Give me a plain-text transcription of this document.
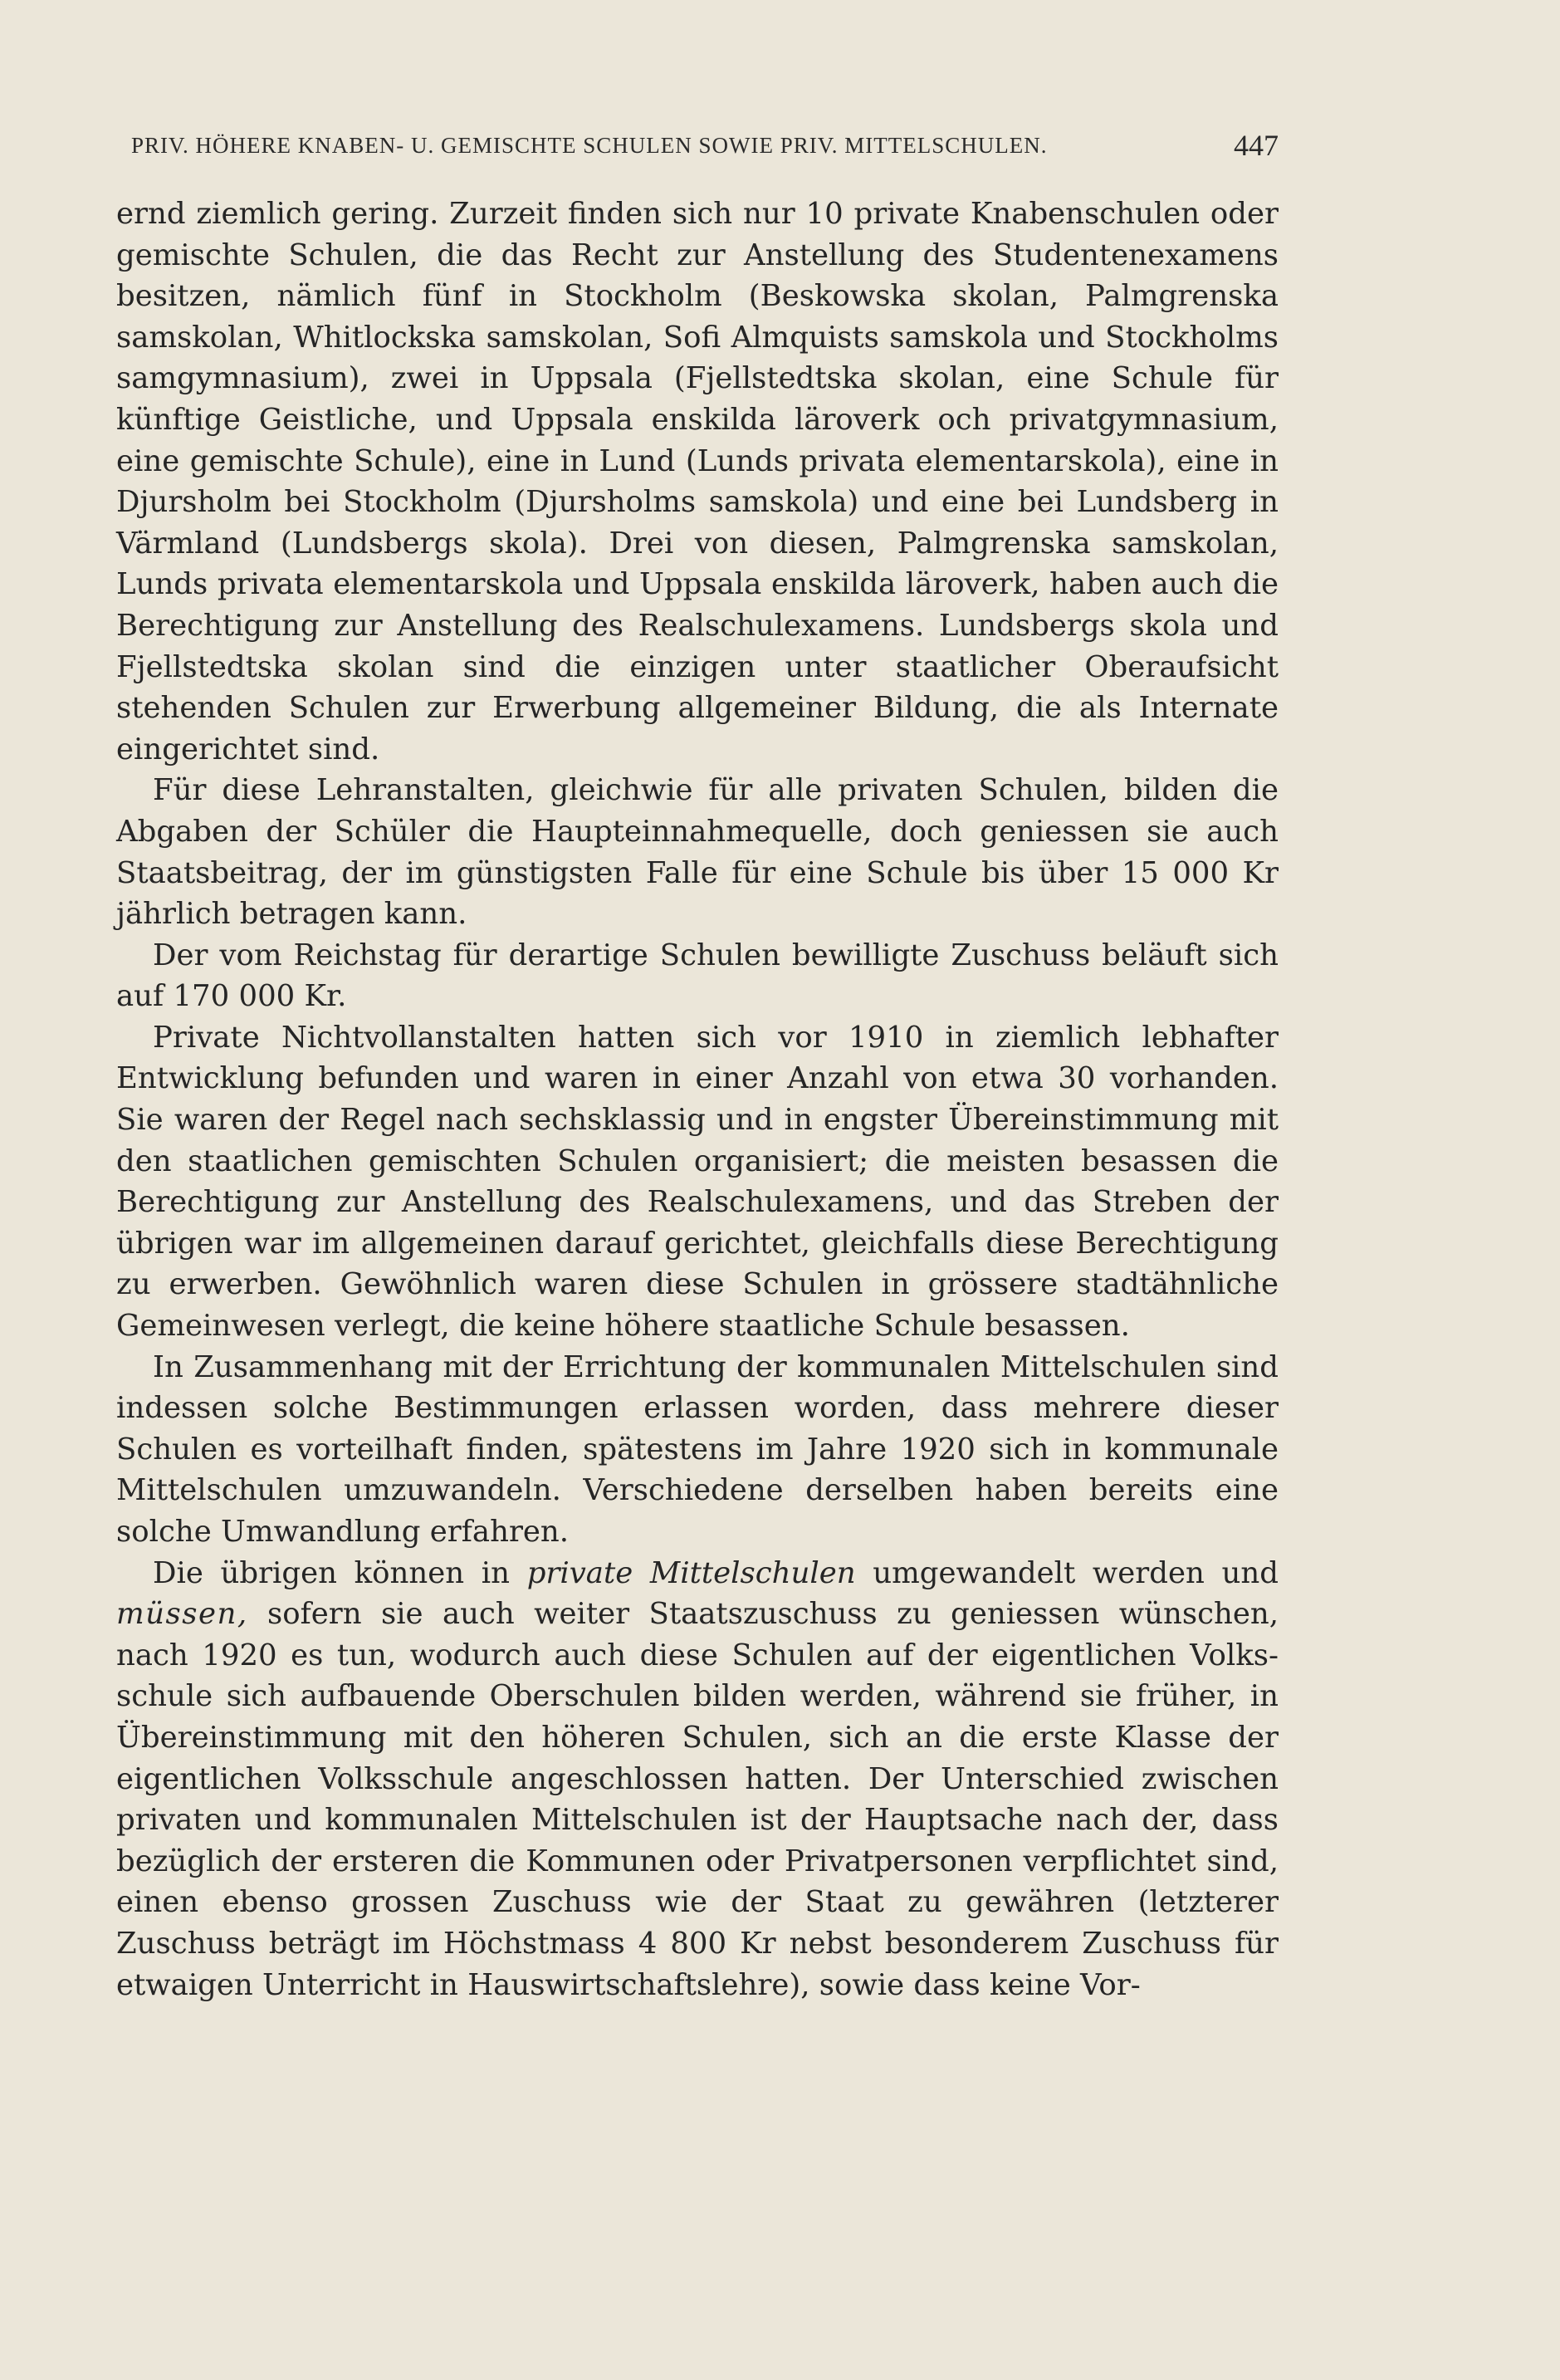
PRIV. HÖHERE KNABEN- U. GEMISCHTE SCHULEN SOWIE PRIV. MITTELSCHULEN.	447

ernd ziemlich gering. Zurzeit finden sich nur 10 private Knabenschulen oder gemischte Schulen, die das Recht zur Anstellung des Studentenexamens besitzen, nämlich fünf in Stockholm (Beskowska skolan, Palmgrenska samskolan, Whitlockska samskolan, Sofi Almquists samskola und Stockholms samgymnasium), zwei in Uppsala (Fjellstedtska skolan, eine Schule für künftige Geistliche, und Uppsala enskilda läroverk och privatgymnasium, eine gemischte Schule), eine in Lund (Lunds privata elementarskola), eine in Djursholm bei Stockholm (Djursholms samskola) und eine bei Lundsberg in Värmland (Lundsbergs skola). Drei von diesen, Palmgrenska samskolan, Lunds privata elementarskola und Uppsala enskilda läroverk, haben auch die Berechtigung zur Anstellung des Realschulexamens. Lundsbergs skola und Fjellstedtska skolan sind die einzigen unter staatlicher Oberaufsicht stehenden Schulen zur Erwerbung allgemeiner Bildung, die als Internate eingerichtet sind.

Für diese Lehranstalten, gleichwie für alle privaten Schulen, bilden die Abgaben der Schüler die Haupteinnahmequelle, doch geniessen sie auch Staatsbeitrag, der im günstigsten Falle für eine Schule bis über 15 000 Kr jährlich betragen kann.

Der vom Reichstag für derartige Schulen bewilligte Zuschuss beläuft sich auf 170 000 Kr.

Private Nichtvollanstalten hatten sich vor 1910 in ziemlich lebhafter Entwicklung befunden und waren in einer Anzahl von etwa 30 vorhanden. Sie waren der Regel nach sechsklassig und in engster Übereinstimmung mit den staatlichen gemischten Schulen organisiert; die meisten besassen die Berechtigung zur Anstellung des Realschulexamens, und das Streben der übrigen war im allgemeinen darauf gerichtet, gleichfalls diese Berechtigung zu erwerben. Gewöhnlich waren diese Schulen in grössere stadtähnliche Gemeinwesen verlegt, die keine höhere staatliche Schule besassen.

In Zusammenhang mit der Errichtung der kommunalen Mittelschulen sind indessen solche Bestimmungen erlassen worden, dass mehrere dieser Schulen es vorteilhaft finden, spätestens im Jahre 1920 sich in kommunale Mittelschulen umzuwandeln. Verschiedene derselben haben bereits eine solche Umwandlung erfahren.

Die übrigen können in private Mittelschulen umgewandelt werden und müssen, sofern sie auch weiter Staatszuschuss zu geniessen wünschen, nach 1920 es tun, wodurch auch diese Schulen auf der eigentlichen Volksschule sich aufbauende Oberschulen bilden werden, während sie früher, in Übereinstimmung mit den höheren Schulen, sich an die erste Klasse der eigentlichen Volksschule angeschlossen hatten. Der Unterschied zwischen privaten und kommunalen Mittelschulen ist der Hauptsache nach der, dass bezüglich der ersteren die Kommunen oder Privatpersonen verpflichtet sind, einen ebenso grossen Zuschuss wie der Staat zu gewähren (letzterer Zuschuss beträgt im Höchstmass 4 800 Kr nebst besonderem Zuschuss für etwaigen Unterricht in Hauswirtschaftslehre), sowie dass keine Vor-
